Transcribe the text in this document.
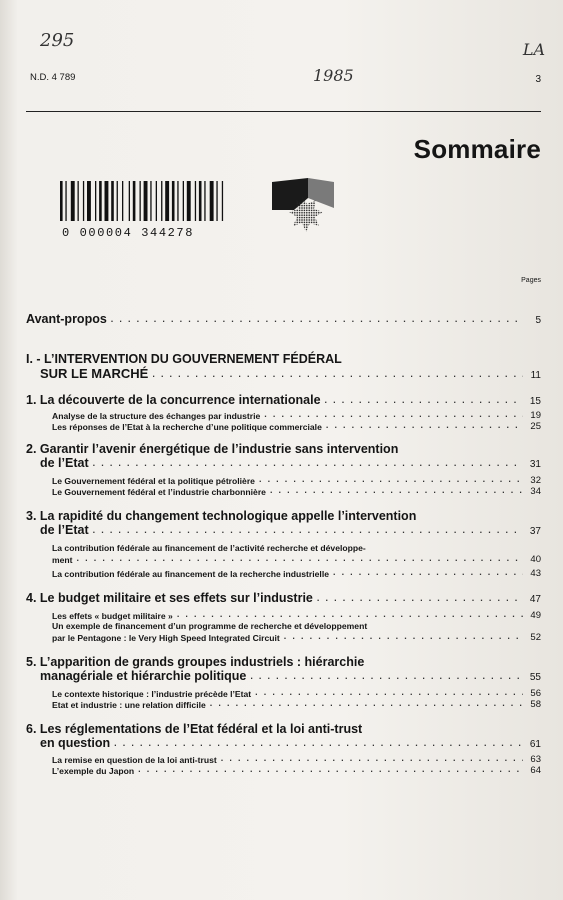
295
1985
LA
N.D. 4 789	3
Sommaire
0 000004 344278
Pages
Avant-propos . . .	5
I. - L’INTERVENTION DU GOUVERNEMENT FÉDÉRAL
SUR LE MARCHÉ . . .	11
1. La découverte de la concurrence internationale . . .	15
Analyse de la structure des échanges par industrie . . .	19
Les réponses de l’Etat à la recherche d’une politique commerciale . . .	25
2. Garantir l’avenir énergétique de l’industrie sans intervention
de l’Etat . . .	31
Le Gouvernement fédéral et la politique pétrolière . . .	32
Le Gouvernement fédéral et l’industrie charbonnière . . .	34
3. La rapidité du changement technologique appelle l’intervention
de l’Etat . . .	37
La contribution fédérale au financement de l’activité recherche et développe-
ment . . .	40
La contribution fédérale au financement de la recherche industrielle . . .	43
4. Le budget militaire et ses effets sur l’industrie . . .	47
Les effets « budget militaire » . . .	49
Un exemple de financement d’un programme de recherche et développement
par le Pentagone : le Very High Speed Integrated Circuit . . .	52
5. L’apparition de grands groupes industriels : hiérarchie
managériale et hiérarchie politique . . .	55
Le contexte historique : l’industrie précède l’Etat . . .	56
Etat et industrie : une relation difficile . . .	58
6. Les réglementations de l’Etat fédéral et la loi anti-trust
en question . . .	61
La remise en question de la loi anti-trust . . .	63
L’exemple du Japon . . .	64
